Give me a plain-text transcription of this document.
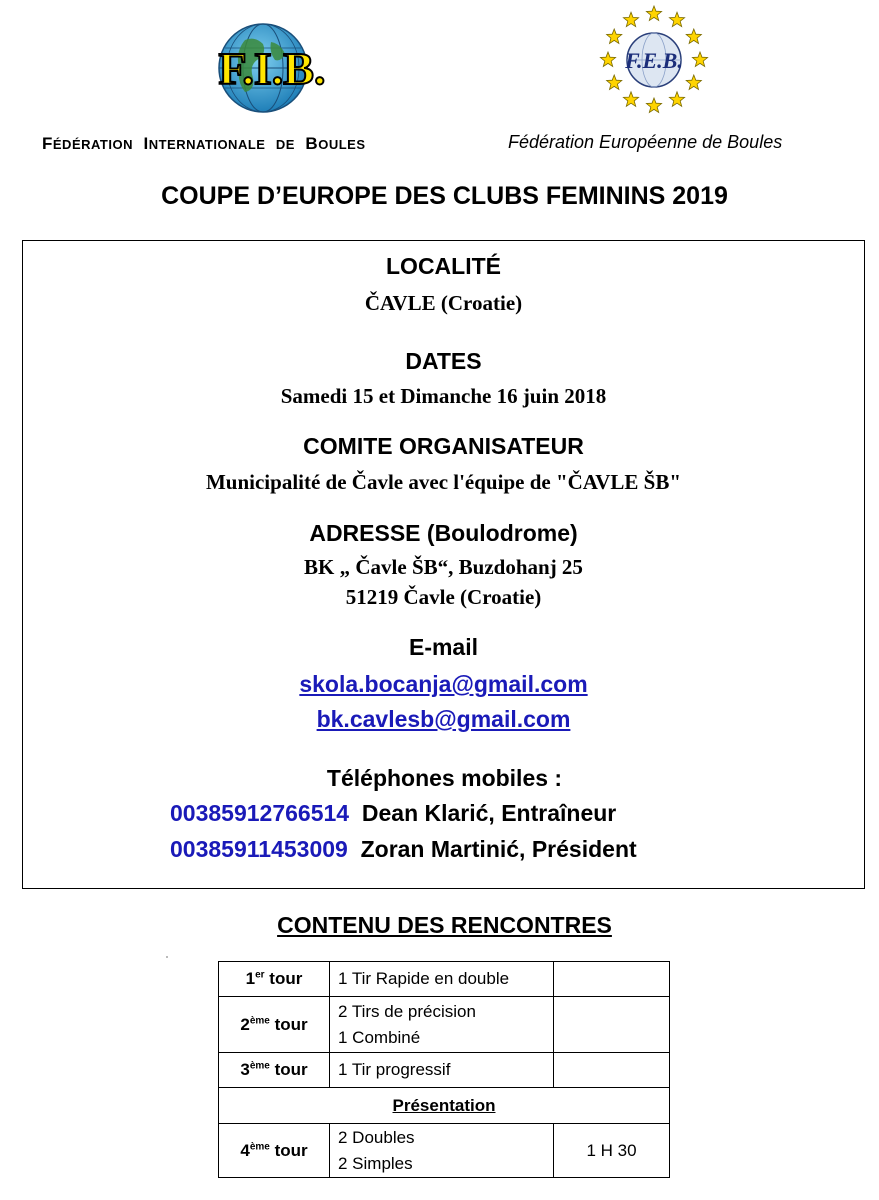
F.I.B.	F.E.B.
FÉDÉRATION INTERNATIONALE DE BOULES	Fédération Européenne de Boules
COUPE D’EUROPE DES CLUBS FEMININS 2019
LOCALITÉ
ČAVLE (Croatie)
DATES
Samedi 15 et Dimanche 16 juin 2018
COMITE ORGANISATEUR
Municipalité de Čavle avec l'équipe de "ČAVLE ŠB"
ADRESSE (Boulodrome)
BK „ Čavle ŠB“, Buzdohanj 25
51219 Čavle (Croatie)
E-mail
skola.bocanja@gmail.com
bk.cavlesb@gmail.com
Téléphones mobiles :
00385912766514 Dean Klarić, Entraîneur
00385911453009 Zoran Martinić, Président
CONTENU DES RENCONTRES
1er tour	1 Tir Rapide en double	

2ème tour	2 Tirs de précision
1 Combiné	

3ème tour	1 Tir progressif	

Présentation		
4ème tour	2 Doubles
2 Simples	1 H 30
